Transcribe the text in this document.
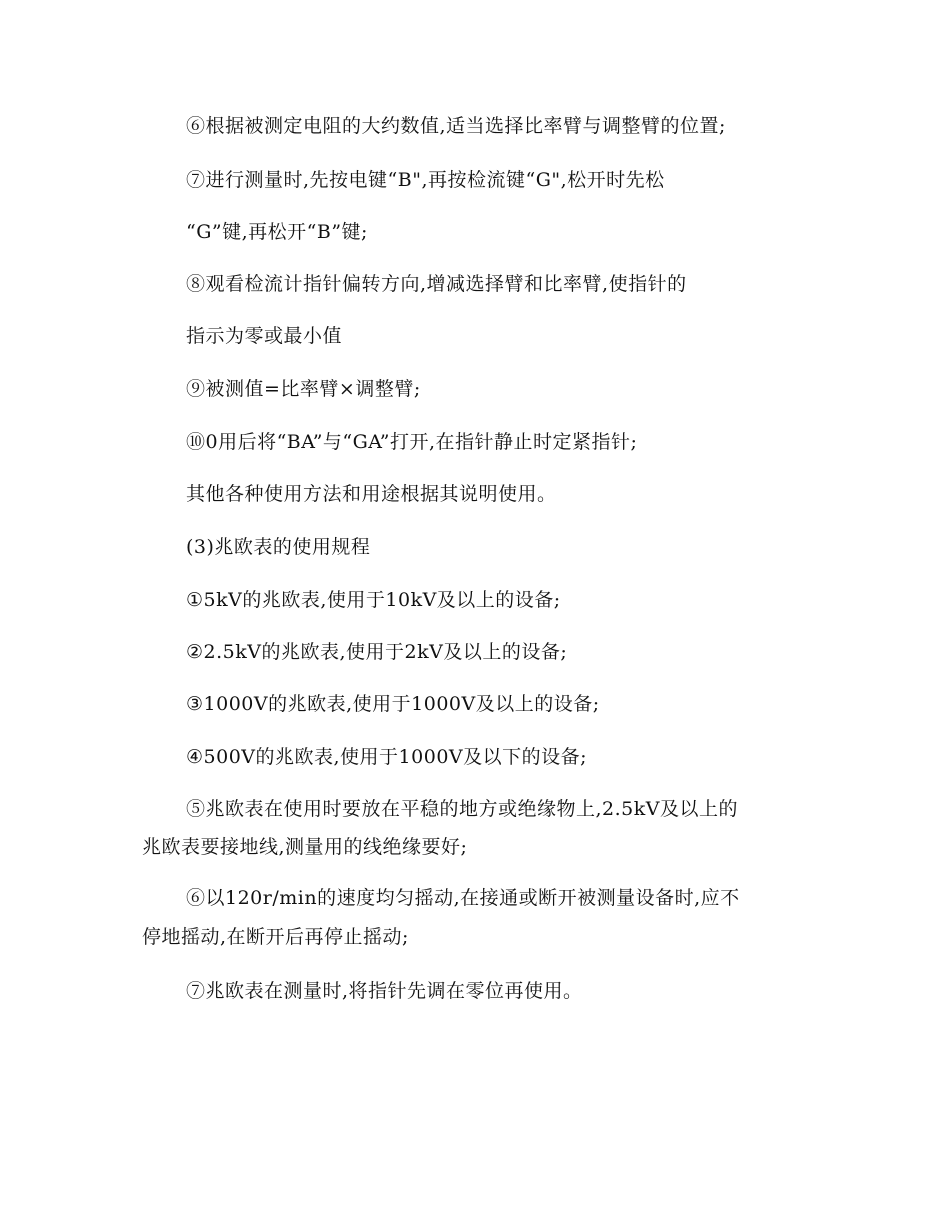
⑥根据被测定电阻的大约数值,适当选择比率臂与调整臂的位置;
⑦进行测量时,先按电键“B",再按检流键“G",松开时先松
“G”键,再松开“B”键;
⑧观看检流计指针偏转方向,增减选择臂和比率臂,使指针的
指示为零或最小值
⑨被测值=比率臂×调整臂;
⑩0用后将“BA”与“GA”打开,在指针静止时定紧指针;
其他各种使用方法和用途根据其说明使用。
(3)兆欧表的使用规程
①5kV的兆欧表,使用于10kV及以上的设备;
②2.5kV的兆欧表,使用于2kV及以上的设备;
③1000V的兆欧表,使用于1000V及以上的设备;
④500V的兆欧表,使用于1000V及以下的设备;
⑤兆欧表在使用时要放在平稳的地方或绝缘物上,2.5kV及以上的
兆欧表要接地线,测量用的线绝缘要好;
⑥以120r/min的速度均匀摇动,在接通或断开被测量设备时,应不
停地摇动,在断开后再停止摇动;
⑦兆欧表在测量时,将指针先调在零位再使用。
